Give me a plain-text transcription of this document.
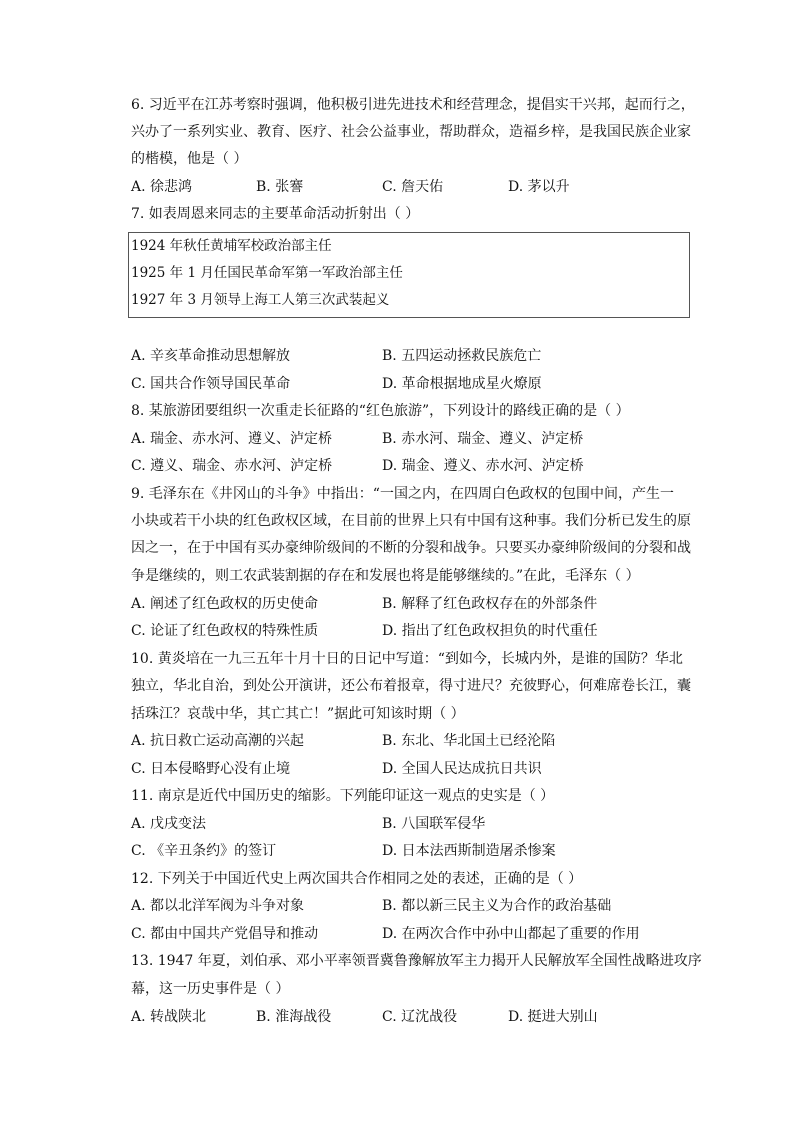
6. 习近平在江苏考察时强调，他积极引进先进技术和经营理念，提倡实干兴邦，起而行之，
兴办了一系列实业、教育、医疗、社会公益事业，帮助群众，造福乡梓，是我国民族企业家
的楷模，他是（ ）
A. 徐悲鸿	B. 张謇	C. 詹天佑	D. 茅以升
7. 如表周恩来同志的主要革命活动折射出（ ）
1924 年秋任黄埔军校政治部主任
1925 年 1 月任国民革命军第一军政治部主任
1927 年 3 月领导上海工人第三次武装起义
A. 辛亥革命推动思想解放	B. 五四运动拯救民族危亡
C. 国共合作领导国民革命	D. 革命根据地成星火燎原
8. 某旅游团要组织一次重走长征路的“红色旅游”，下列设计的路线正确的是（ ）
A. 瑞金、赤水河、遵义、泸定桥	B. 赤水河、瑞金、遵义、泸定桥
C. 遵义、瑞金、赤水河、泸定桥	D. 瑞金、遵义、赤水河、泸定桥
9. 毛泽东在《井冈山的斗争》中指出：“一国之内，在四周白色政权的包围中间，产生一
小块或若干小块的红色政权区域，在目前的世界上只有中国有这种事。我们分析已发生的原
因之一，在于中国有买办豪绅阶级间的不断的分裂和战争。只要买办豪绅阶级间的分裂和战
争是继续的，则工农武装割据的存在和发展也将是能够继续的。”在此，毛泽东（ ）
A. 阐述了红色政权的历史使命	B. 解释了红色政权存在的外部条件
C. 论证了红色政权的特殊性质	D. 指出了红色政权担负的时代重任
10. 黄炎培在一九三五年十月十日的日记中写道：“到如今，长城内外，是谁的国防？华北
独立，华北自治，到处公开演讲，还公布着报章，得寸进尺？充彼野心，何难席卷长江，囊
括珠江？哀哉中华，其亡其亡！”据此可知该时期（ ）
A. 抗日救亡运动高潮的兴起	B. 东北、华北国土已经沦陷
C. 日本侵略野心没有止境	D. 全国人民达成抗日共识
11. 南京是近代中国历史的缩影。下列能印证这一观点的史实是（ ）
A. 戊戌变法	B. 八国联军侵华
C. 《辛丑条约》的签订	D. 日本法西斯制造屠杀惨案
12. 下列关于中国近代史上两次国共合作相同之处的表述，正确的是（ ）
A. 都以北洋军阀为斗争对象	B. 都以新三民主义为合作的政治基础
C. 都由中国共产党倡导和推动	D. 在两次合作中孙中山都起了重要的作用
13. 1947 年夏，刘伯承、邓小平率领晋冀鲁豫解放军主力揭开人民解放军全国性战略进攻序
幕，这一历史事件是（ ）
A. 转战陕北	B. 淮海战役	C. 辽沈战役	D. 挺进大别山
